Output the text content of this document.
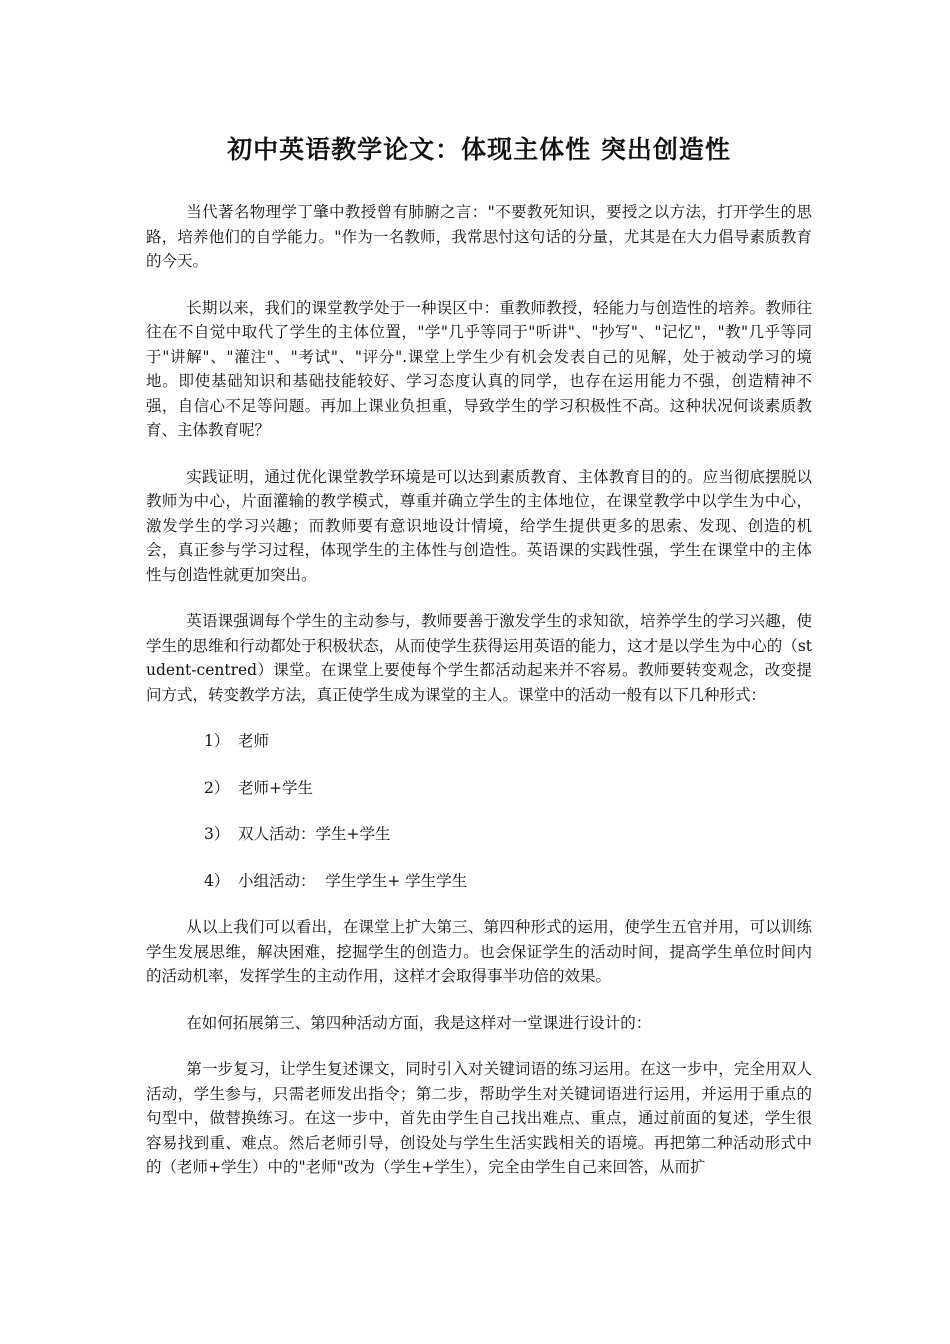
初中英语教学论文：体现主体性 突出创造性

当代著名物理学丁肇中教授曾有肺腑之言："不要教死知识，要授之以方法，打开学生的思路，培养他们的自学能力。"作为一名教师，我常思忖这句话的分量，尤其是在大力倡导素质教育的今天。

长期以来，我们的课堂教学处于一种误区中：重教师教授，轻能力与创造性的培养。教师往往在不自觉中取代了学生的主体位置，"学"几乎等同于"听讲"、"抄写"、"记忆"，"教"几乎等同于"讲解"、"灌注"、"考试"、"评分".课堂上学生少有机会发表自己的见解，处于被动学习的境地。即使基础知识和基础技能较好、学习态度认真的同学，也存在运用能力不强，创造精神不强，自信心不足等问题。再加上课业负担重，导致学生的学习积极性不高。这种状况何谈素质教育、主体教育呢？

实践证明，通过优化课堂教学环境是可以达到素质教育、主体教育目的的。应当彻底摆脱以教师为中心，片面灌输的教学模式，尊重并确立学生的主体地位，在课堂教学中以学生为中心，激发学生的学习兴趣；而教师要有意识地设计情境，给学生提供更多的思索、发现、创造的机会，真正参与学习过程，体现学生的主体性与创造性。英语课的实践性强，学生在课堂中的主体性与创造性就更加突出。

英语课强调每个学生的主动参与，教师要善于激发学生的求知欲，培养学生的学习兴趣，使学生的思维和行动都处于积极状态，从而使学生获得运用英语的能力，这才是以学生为中心的（student-centred）课堂。在课堂上要使每个学生都活动起来并不容易。教师要转变观念，改变提问方式，转变教学方法，真正使学生成为课堂的主人。课堂中的活动一般有以下几种形式：

1） 老师
2） 老师+学生
3） 双人活动：学生+学生
4） 小组活动：  学生学生+ 学生学生

从以上我们可以看出，在课堂上扩大第三、第四种形式的运用，使学生五官并用，可以训练学生发展思维，解决困难，挖掘学生的创造力。也会保证学生的活动时间，提高学生单位时间内的活动机率，发挥学生的主动作用，这样才会取得事半功倍的效果。

在如何拓展第三、第四种活动方面，我是这样对一堂课进行设计的：

第一步复习，让学生复述课文，同时引入对关键词语的练习运用。在这一步中，完全用双人活动，学生参与，只需老师发出指令；第二步，帮助学生对关键词语进行运用，并运用于重点的句型中，做替换练习。在这一步中，首先由学生自己找出难点、重点，通过前面的复述，学生很容易找到重、难点。然后老师引导，创设处与学生生活实践相关的语境。再把第二种活动形式中的（老师+学生）中的"老师"改为（学生+学生），完全由学生自己来回答，从而扩
